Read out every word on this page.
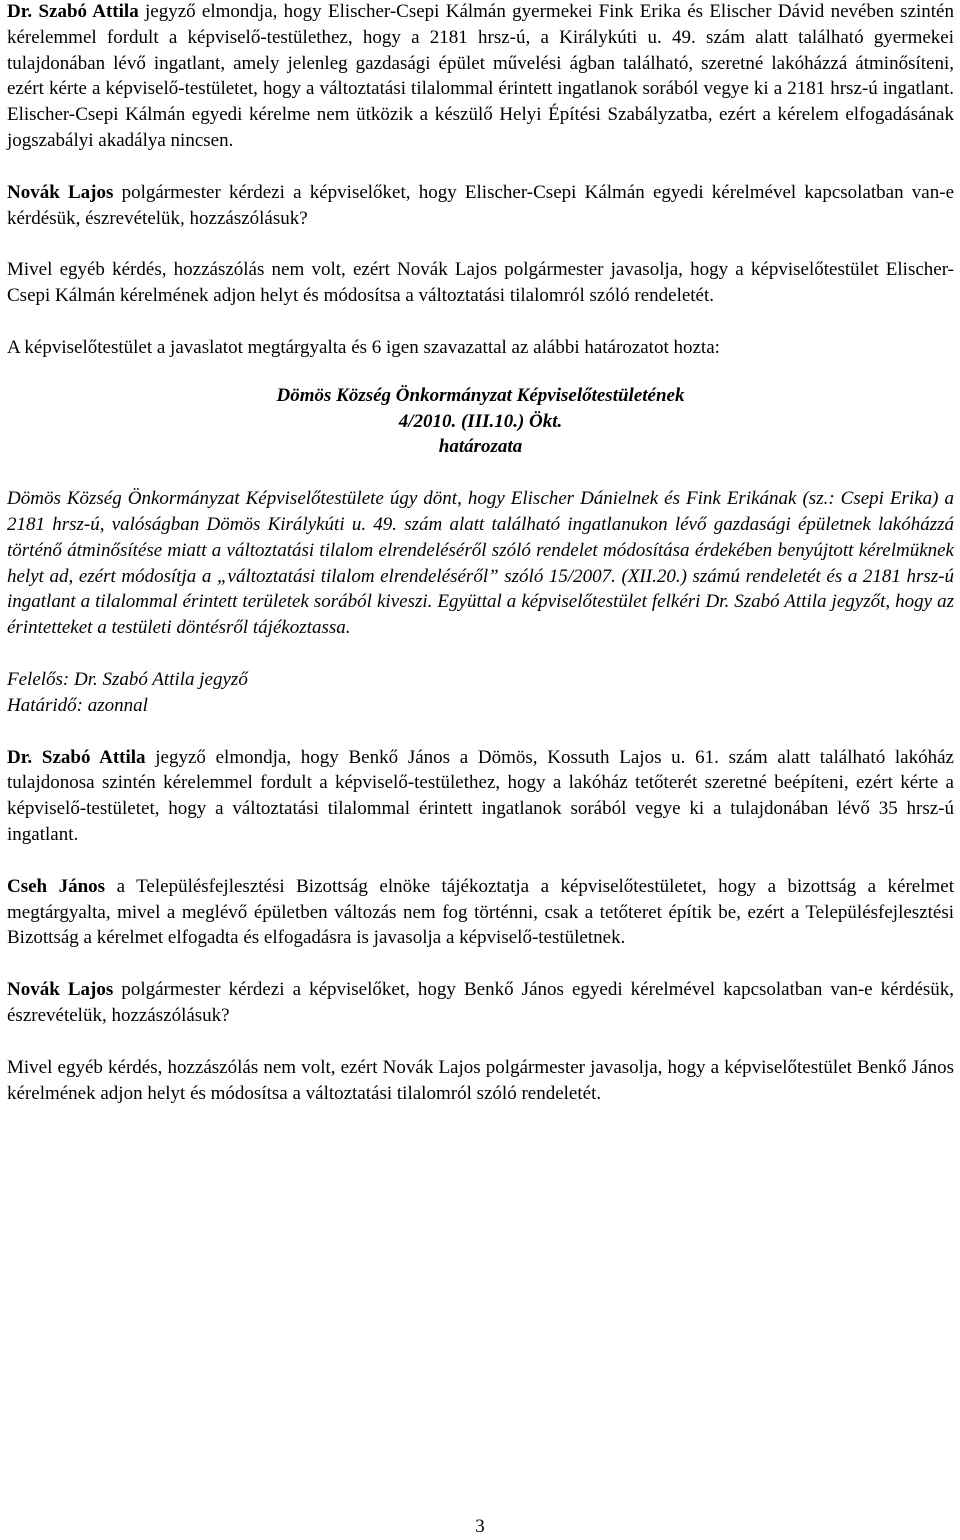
Dr. Szabó Attila jegyző elmondja, hogy Elischer-Csepi Kálmán gyermekei Fink Erika és Elischer Dávid nevében szintén kérelemmel fordult a képviselő-testülethez, hogy a 2181 hrsz-ú, a Királykúti u. 49. szám alatt található gyermekei tulajdonában lévő ingatlant, amely jelenleg gazdasági épület művelési ágban található, szeretné lakóházzá átminősíteni, ezért kérte a képviselő-testületet, hogy a változtatási tilalommal érintett ingatlanok sorából vegye ki a 2181 hrsz-ú ingatlant. Elischer-Csepi Kálmán egyedi kérelme nem ütközik a készülő Helyi Építési Szabályzatba, ezért a kérelem elfogadásának jogszabályi akadálya nincsen.

Novák Lajos polgármester kérdezi a képviselőket, hogy Elischer-Csepi Kálmán egyedi kérelmével kapcsolatban van-e kérdésük, észrevételük, hozzászólásuk?

Mivel egyéb kérdés, hozzászólás nem volt, ezért Novák Lajos polgármester javasolja, hogy a képviselőtestület Elischer-Csepi Kálmán kérelmének adjon helyt és módosítsa a változtatási tilalomról szóló rendeletét.

A képviselőtestület a javaslatot megtárgyalta és 6 igen szavazattal az alábbi határozatot hozta:

Dömös Község Önkormányzat Képviselőtestületének
4/2010. (III.10.) Ökt.
határozata

Dömös Község Önkormányzat Képviselőtestülete úgy dönt, hogy Elischer Dánielnek és Fink Erikának (sz.: Csepi Erika) a 2181 hrsz-ú, valóságban Dömös Királykúti u. 49. szám alatt található ingatlanukon lévő gazdasági épületnek lakóházzá történő átminősítése miatt a változtatási tilalom elrendeléséről szóló rendelet módosítása érdekében benyújtott kérelmüknek helyt ad, ezért módosítja a „változtatási tilalom elrendeléséről” szóló 15/2007. (XII.20.) számú rendeletét és a 2181 hrsz-ú ingatlant a tilalommal érintett területek sorából kiveszi. Együttal a képviselőtestület felkéri Dr. Szabó Attila jegyzőt, hogy az érintetteket a testületi döntésről tájékoztassa.

Felelős: Dr. Szabó Attila jegyző
Határidő: azonnal

Dr. Szabó Attila jegyző elmondja, hogy Benkő János a Dömös, Kossuth Lajos u. 61. szám alatt található lakóház tulajdonosa szintén kérelemmel fordult a képviselő-testülethez, hogy a lakóház tetőterét szeretné beépíteni, ezért kérte a képviselő-testületet, hogy a változtatási tilalommal érintett ingatlanok sorából vegye ki a tulajdonában lévő 35 hrsz-ú ingatlant.

Cseh János a Településfejlesztési Bizottság elnöke tájékoztatja a képviselőtestületet, hogy a bizottság a kérelmet megtárgyalta, mivel a meglévő épületben változás nem fog történni, csak a tetőteret építik be, ezért a Településfejlesztési Bizottság a kérelmet elfogadta és elfogadásra is javasolja a képviselő-testületnek.

Novák Lajos polgármester kérdezi a képviselőket, hogy Benkő János egyedi kérelmével kapcsolatban van-e kérdésük, észrevételük, hozzászólásuk?

Mivel egyéb kérdés, hozzászólás nem volt, ezért Novák Lajos polgármester javasolja, hogy a képviselőtestület Benkő János kérelmének adjon helyt és módosítsa a változtatási tilalomról szóló rendeletét.

3
